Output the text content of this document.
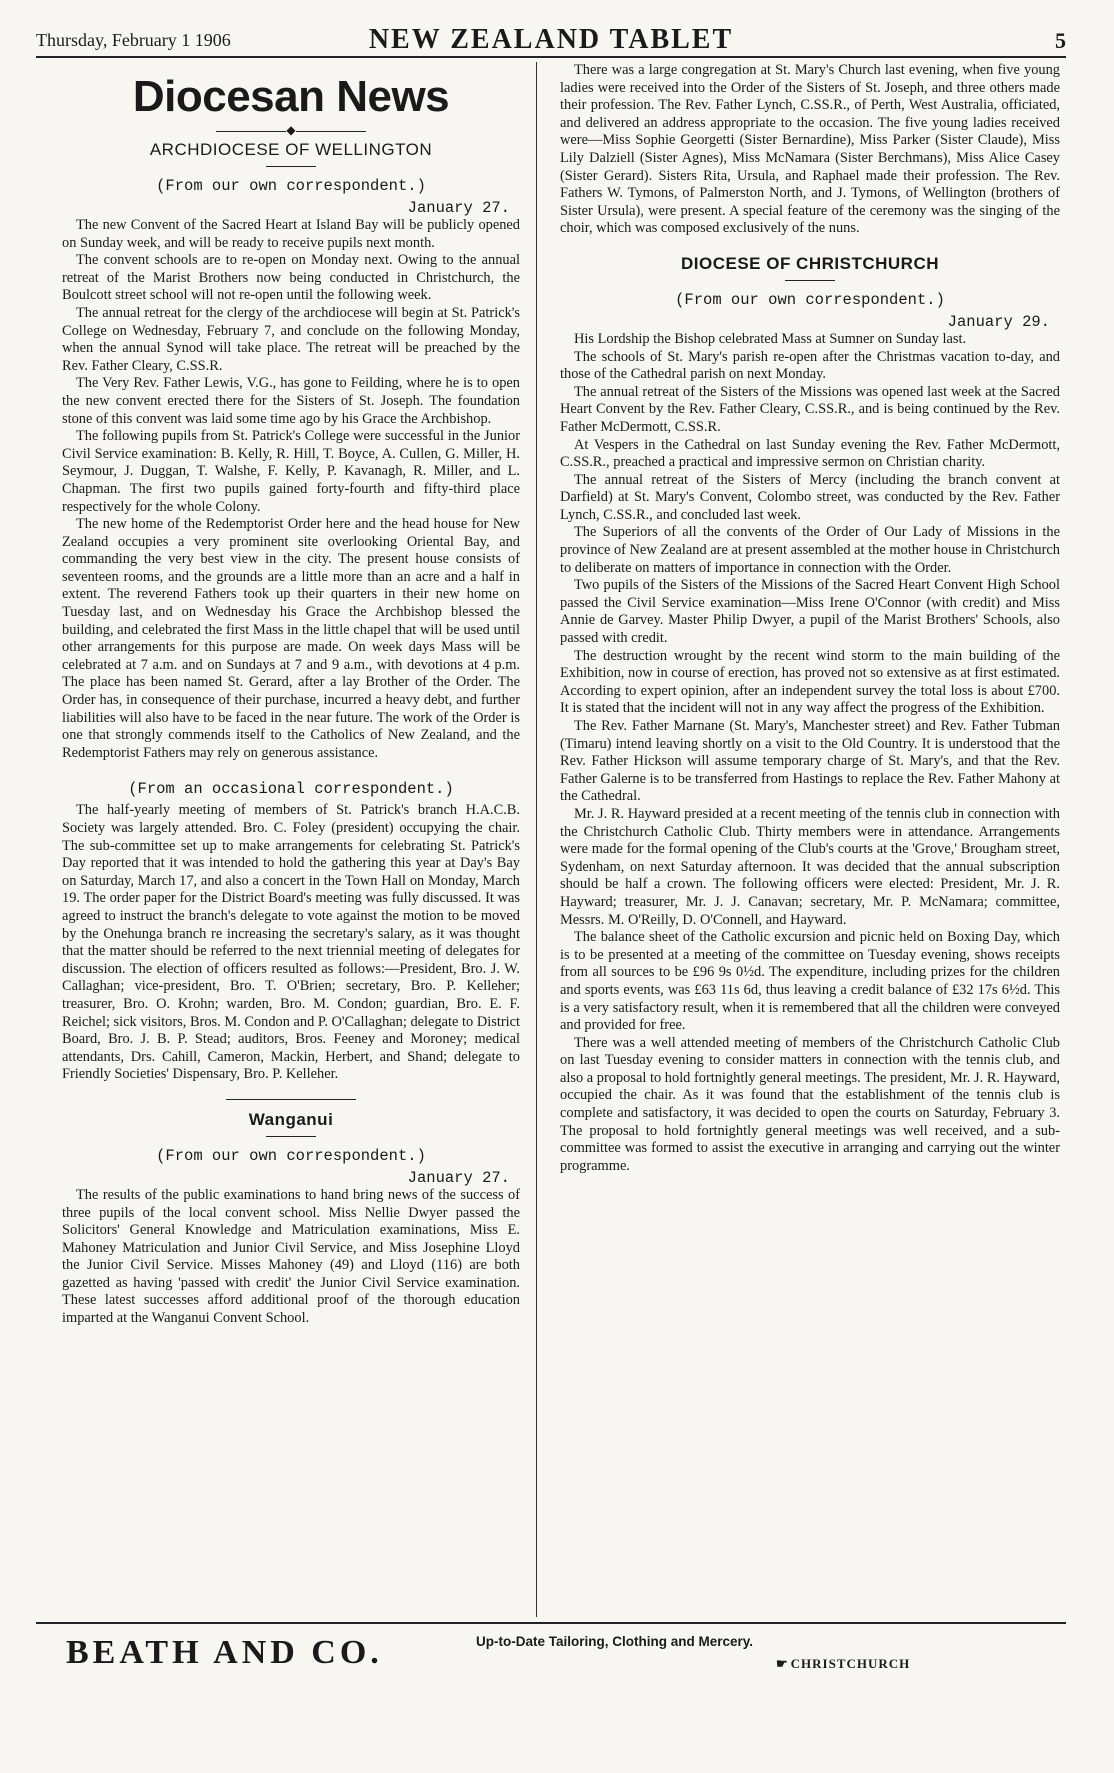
Thursday, February 1 1906	NEW ZEALAND TABLET	5
Diocesan News
◆
ARCHDIOCESE OF WELLINGTON
(From our own correspondent.)
January 27.

The new Convent of the Sacred Heart at Island Bay will be publicly opened on Sunday week, and will be ready to receive pupils next month.

The convent schools are to re-open on Monday next. Owing to the annual retreat of the Marist Brothers now being conducted in Christchurch, the Boulcott street school will not re-open until the following week.

The annual retreat for the clergy of the archdiocese will begin at St. Patrick's College on Wednesday, February 7, and conclude on the following Monday, when the annual Synod will take place. The retreat will be preached by the Rev. Father Cleary, C.SS.R.

The Very Rev. Father Lewis, V.G., has gone to Feilding, where he is to open the new convent erected there for the Sisters of St. Joseph. The foundation stone of this convent was laid some time ago by his Grace the Archbishop.

The following pupils from St. Patrick's College were successful in the Junior Civil Service examination: B. Kelly, R. Hill, T. Boyce, A. Cullen, G. Miller, H. Seymour, J. Duggan, T. Walshe, F. Kelly, P. Kavanagh, R. Miller, and L. Chapman. The first two pupils gained forty-fourth and fifty-third place respectively for the whole Colony.

The new home of the Redemptorist Order here and the head house for New Zealand occupies a very prominent site overlooking Oriental Bay, and commanding the very best view in the city. The present house consists of seventeen rooms, and the grounds are a little more than an acre and a half in extent. The reverend Fathers took up their quarters in their new home on Tuesday last, and on Wednesday his Grace the Archbishop blessed the building, and celebrated the first Mass in the little chapel that will be used until other arrangements for this purpose are made. On week days Mass will be celebrated at 7 a.m. and on Sundays at 7 and 9 a.m., with devotions at 4 p.m. The place has been named St. Gerard, after a lay Brother of the Order. The Order has, in consequence of their purchase, incurred a heavy debt, and further liabilities will also have to be faced in the near future. The work of the Order is one that strongly commends itself to the Catholics of New Zealand, and the Redemptorist Fathers may rely on generous assistance.

(From an occasional correspondent.)

The half-yearly meeting of members of St. Patrick's branch H.A.C.B. Society was largely attended. Bro. C. Foley (president) occupying the chair. The sub-committee set up to make arrangements for celebrating St. Patrick's Day reported that it was intended to hold the gathering this year at Day's Bay on Saturday, March 17, and also a concert in the Town Hall on Monday, March 19. The order paper for the District Board's meeting was fully discussed. It was agreed to instruct the branch's delegate to vote against the motion to be moved by the Onehunga branch re increasing the secretary's salary, as it was thought that the matter should be referred to the next triennial meeting of delegates for discussion. The election of officers resulted as follows:—President, Bro. J. W. Callaghan; vice-president, Bro. T. O'Brien; secretary, Bro. P. Kelleher; treasurer, Bro. O. Krohn; warden, Bro. M. Condon; guardian, Bro. E. F. Reichel; sick visitors, Bros. M. Condon and P. O'Callaghan; delegate to District Board, Bro. J. B. P. Stead; auditors, Bros. Feeney and Moroney; medical attendants, Drs. Cahill, Cameron, Mackin, Herbert, and Shand; delegate to Friendly Societies' Dispensary, Bro. P. Kelleher.

Wanganui
(From our own correspondent.)
January 27.

The results of the public examinations to hand bring news of the success of three pupils of the local convent school. Miss Nellie Dwyer passed the Solicitors' General Knowledge and Matriculation examinations, Miss E. Mahoney Matriculation and Junior Civil Service, and Miss Josephine Lloyd the Junior Civil Service. Misses Mahoney (49) and Lloyd (116) are both gazetted as having 'passed with credit' the Junior Civil Service examination. These latest successes afford additional proof of the thorough education imparted at the Wanganui Convent School.

There was a large congregation at St. Mary's Church last evening, when five young ladies were received into the Order of the Sisters of St. Joseph, and three others made their profession. The Rev. Father Lynch, C.SS.R., of Perth, West Australia, officiated, and delivered an address appropriate to the occasion. The five young ladies received were—Miss Sophie Georgetti (Sister Bernardine), Miss Parker (Sister Claude), Miss Lily Dalziell (Sister Agnes), Miss McNamara (Sister Berchmans), Miss Alice Casey (Sister Gerard). Sisters Rita, Ursula, and Raphael made their profession. The Rev. Fathers W. Tymons, of Palmerston North, and J. Tymons, of Wellington (brothers of Sister Ursula), were present. A special feature of the ceremony was the singing of the choir, which was composed exclusively of the nuns.

DIOCESE OF CHRISTCHURCH
(From our own correspondent.)
January 29.

His Lordship the Bishop celebrated Mass at Sumner on Sunday last.

The schools of St. Mary's parish re-open after the Christmas vacation to-day, and those of the Cathedral parish on next Monday.

The annual retreat of the Sisters of the Missions was opened last week at the Sacred Heart Convent by the Rev. Father Cleary, C.SS.R., and is being continued by the Rev. Father McDermott, C.SS.R.

At Vespers in the Cathedral on last Sunday evening the Rev. Father McDermott, C.SS.R., preached a practical and impressive sermon on Christian charity.

The annual retreat of the Sisters of Mercy (including the branch convent at Darfield) at St. Mary's Convent, Colombo street, was conducted by the Rev. Father Lynch, C.SS.R., and concluded last week.

The Superiors of all the convents of the Order of Our Lady of Missions in the province of New Zealand are at present assembled at the mother house in Christchurch to deliberate on matters of importance in connection with the Order.

Two pupils of the Sisters of the Missions of the Sacred Heart Convent High School passed the Civil Service examination—Miss Irene O'Connor (with credit) and Miss Annie de Garvey. Master Philip Dwyer, a pupil of the Marist Brothers' Schools, also passed with credit.

The destruction wrought by the recent wind storm to the main building of the Exhibition, now in course of erection, has proved not so extensive as at first estimated. According to expert opinion, after an independent survey the total loss is about £700. It is stated that the incident will not in any way affect the progress of the Exhibition.

The Rev. Father Marnane (St. Mary's, Manchester street) and Rev. Father Tubman (Timaru) intend leaving shortly on a visit to the Old Country. It is understood that the Rev. Father Hickson will assume temporary charge of St. Mary's, and that the Rev. Father Galerne is to be transferred from Hastings to replace the Rev. Father Mahony at the Cathedral.

Mr. J. R. Hayward presided at a recent meeting of the tennis club in connection with the Christchurch Catholic Club. Thirty members were in attendance. Arrangements were made for the formal opening of the Club's courts at the 'Grove,' Brougham street, Sydenham, on next Saturday afternoon. It was decided that the annual subscription should be half a crown. The following officers were elected: President, Mr. J. R. Hayward; treasurer, Mr. J. J. Canavan; secretary, Mr. P. McNamara; committee, Messrs. M. O'Reilly, D. O'Connell, and Hayward.

The balance sheet of the Catholic excursion and picnic held on Boxing Day, which is to be presented at a meeting of the committee on Tuesday evening, shows receipts from all sources to be £96 9s 0½d. The expenditure, including prizes for the children and sports events, was £63 11s 6d, thus leaving a credit balance of £32 17s 6½d. This is a very satisfactory result, when it is remembered that all the children were conveyed and provided for free.

There was a well attended meeting of members of the Christchurch Catholic Club on last Tuesday evening to consider matters in connection with the tennis club, and also a proposal to hold fortnightly general meetings. The president, Mr. J. R. Hayward, occupied the chair. As it was found that the establishment of the tennis club is complete and satisfactory, it was decided to open the courts on Saturday, February 3. The proposal to hold fortnightly general meetings was well received, and a sub-committee was formed to assist the executive in arranging and carrying out the winter programme.

BEATH AND CO.	Up-to-Date Tailoring, Clothing and Mercery.
☛ CHRISTCHURCH
